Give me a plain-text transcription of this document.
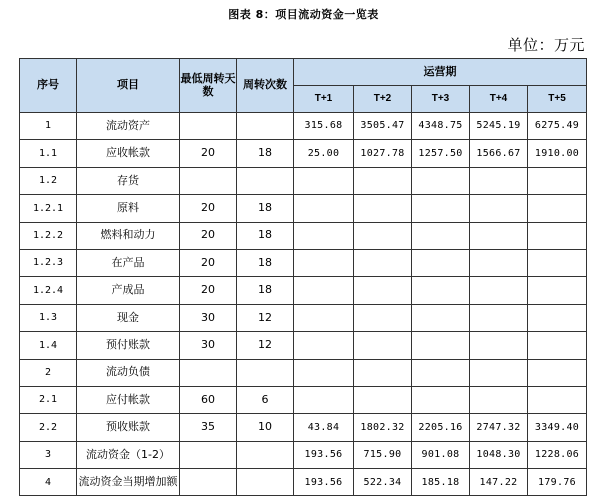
图表 8：项目流动资金一览表
单位：万元
序号	项目	最低周转天数	周转次数	运营期				
				T+1	T+2	T+3	T+4	T+5
1	流动资产			315.68	3505.47	4348.75	5245.19	6275.49
1.1	应收帐款	20	18	25.00	1027.78	1257.50	1566.67	1910.00
1.2	存货							
1.2.1	原料	20	18					
1.2.2	燃料和动力	20	18					
1.2.3	在产品	20	18					
1.2.4	产成品	20	18					
1.3	现金	30	12					
1.4	预付账款	30	12					
2	流动负债							
2.1	应付帐款	60	6					
2.2	预收账款	35	10	43.84	1802.32	2205.16	2747.32	3349.40
3	流动资金（1-2）			193.56	715.90	901.08	1048.30	1228.06
4	流动资金当期增加额			193.56	522.34	185.18	147.22	179.76
